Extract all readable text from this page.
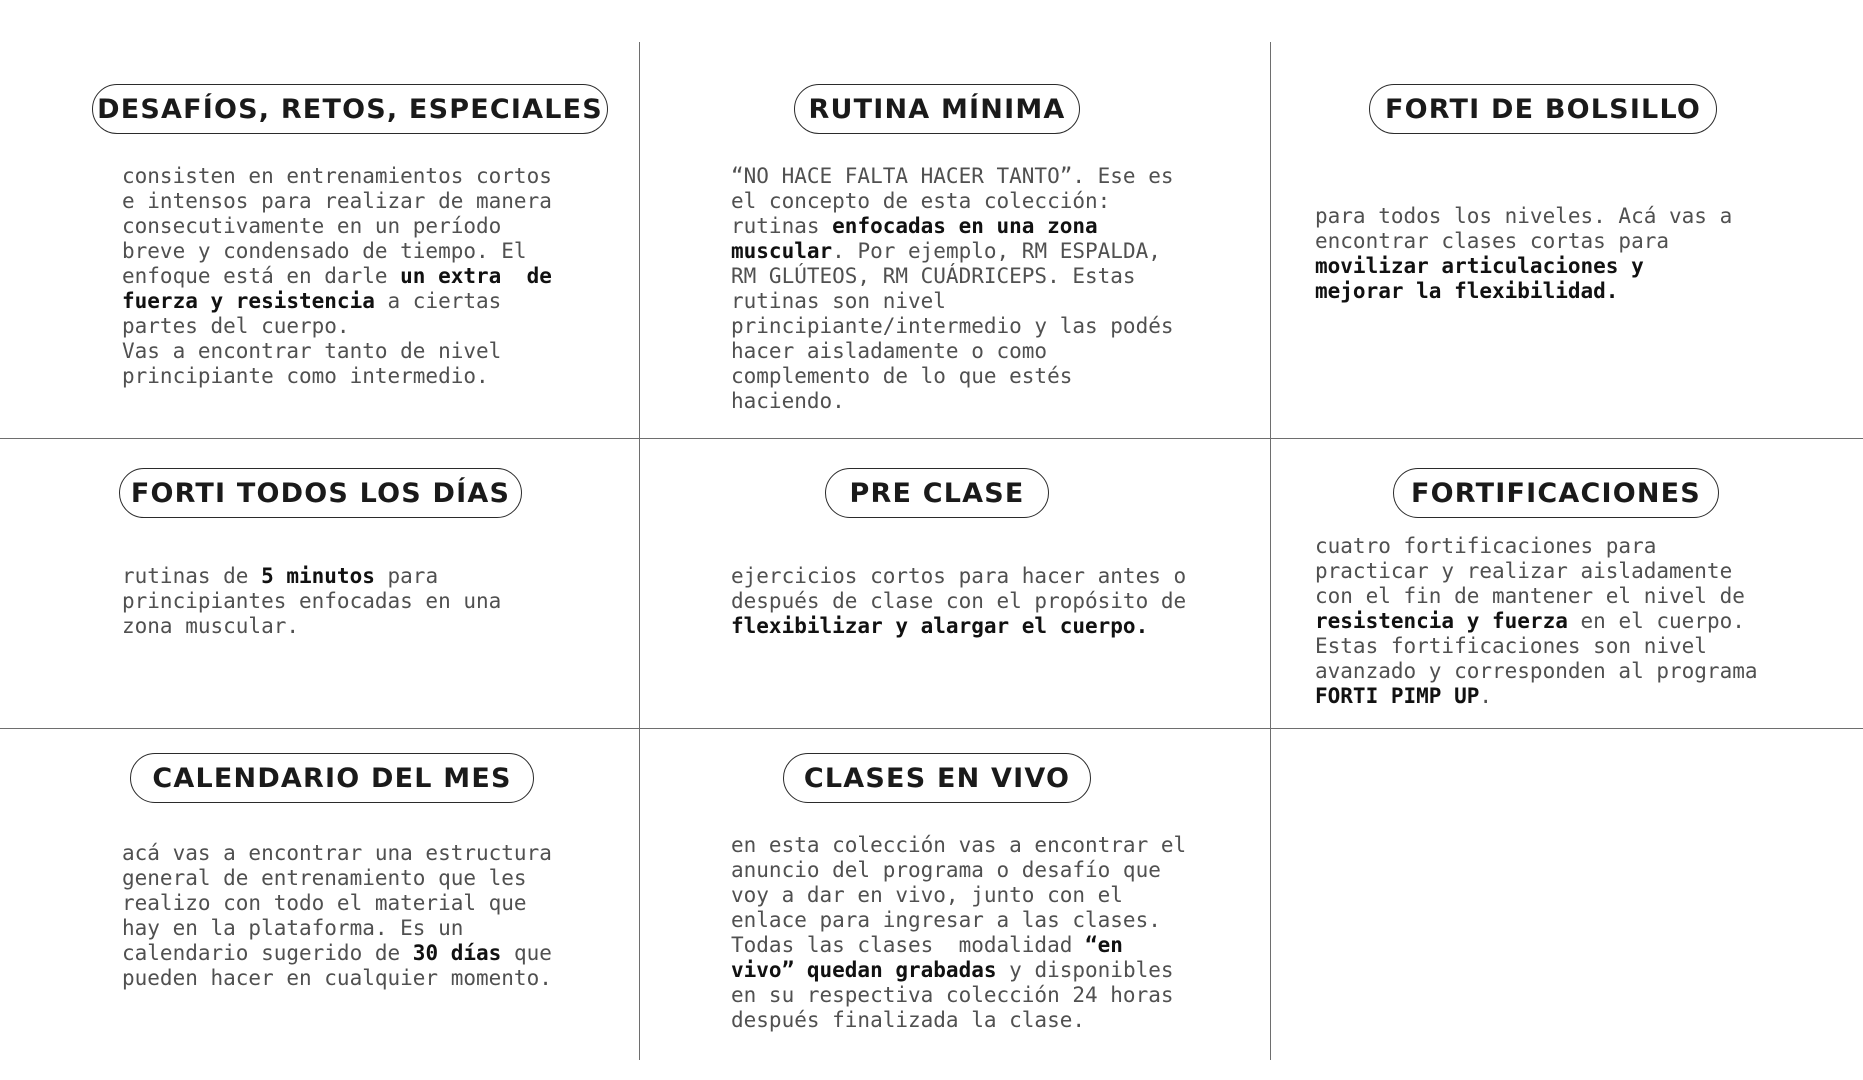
DESAFÍOS, RETOS, ESPECIALES

consisten en entrenamientos cortos
e intensos para realizar de manera
consecutivamente en un período
breve y condensado de tiempo. El
enfoque está en darle un extra  de
fuerza y resistencia a ciertas
partes del cuerpo.
Vas a encontrar tanto de nivel
principiante como intermedio.

RUTINA MÍNIMA

“NO HACE FALTA HACER TANTO”. Ese es
el concepto de esta colección:
rutinas enfocadas en una zona
muscular. Por ejemplo, RM ESPALDA,
RM GLÚTEOS, RM CUÁDRICEPS. Estas
rutinas son nivel
principiante/intermedio y las podés
hacer aisladamente o como
complemento de lo que estés
haciendo.

FORTI DE BOLSILLO

para todos los niveles. Acá vas a
encontrar clases cortas para
movilizar articulaciones y
mejorar la flexibilidad.

FORTI TODOS LOS DÍAS

rutinas de 5 minutos para
principiantes enfocadas en una
zona muscular.

PRE CLASE

ejercicios cortos para hacer antes o
después de clase con el propósito de
flexibilizar y alargar el cuerpo.

FORTIFICACIONES

cuatro fortificaciones para
practicar y realizar aisladamente
con el fin de mantener el nivel de
resistencia y fuerza en el cuerpo.
Estas fortificaciones son nivel
avanzado y corresponden al programa
FORTI PIMP UP.

CALENDARIO DEL MES

acá vas a encontrar una estructura
general de entrenamiento que les
realizo con todo el material que
hay en la plataforma. Es un
calendario sugerido de 30 días que
pueden hacer en cualquier momento.

CLASES EN VIVO

en esta colección vas a encontrar el
anuncio del programa o desafío que
voy a dar en vivo, junto con el
enlace para ingresar a las clases.
Todas las clases  modalidad “en
vivo” quedan grabadas y disponibles
en su respectiva colección 24 horas
después finalizada la clase.
